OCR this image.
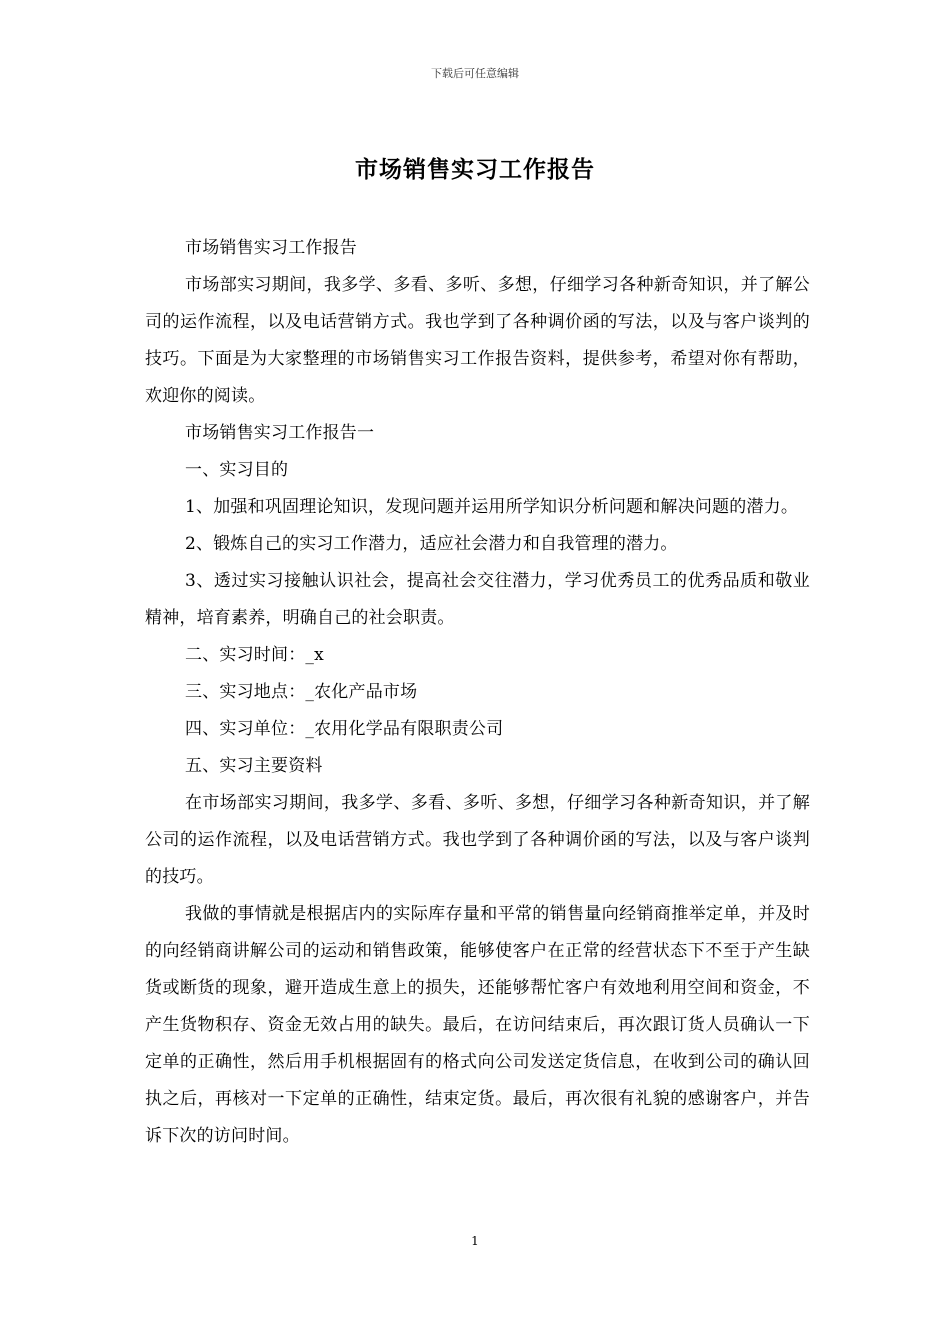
下载后可任意编辑
市场销售实习工作报告

市场销售实习工作报告

市场部实习期间，我多学、多看、多听、多想，仔细学习各种新奇知识，并了解公司的运作流程，以及电话营销方式。我也学到了各种调价函的写法，以及与客户谈判的技巧。下面是为大家整理的市场销售实习工作报告资料，提供参考，希望对你有帮助，欢迎你的阅读。

市场销售实习工作报告一

一、实习目的

1、加强和巩固理论知识，发现问题并运用所学知识分析问题和解决问题的潜力。

2、锻炼自己的实习工作潜力，适应社会潜力和自我管理的潜力。

3、透过实习接触认识社会，提高社会交往潜力，学习优秀员工的优秀品质和敬业精神，培育素养，明确自己的社会职责。

二、实习时间：_x

三、实习地点：_农化产品市场

四、实习单位：_农用化学品有限职责公司

五、实习主要资料

在市场部实习期间，我多学、多看、多听、多想，仔细学习各种新奇知识，并了解公司的运作流程，以及电话营销方式。我也学到了各种调价函的写法，以及与客户谈判的技巧。

我做的事情就是根据店内的实际库存量和平常的销售量向经销商推举定单，并及时的向经销商讲解公司的运动和销售政策，能够使客户在正常的经营状态下不至于产生缺货或断货的现象，避开造成生意上的损失，还能够帮忙客户有效地利用空间和资金，不产生货物积存、资金无效占用的缺失。最后，在访问结束后，再次跟订货人员确认一下定单的正确性，然后用手机根据固有的格式向公司发送定货信息，在收到公司的确认回执之后，再核对一下定单的正确性，结束定货。最后，再次很有礼貌的感谢客户，并告诉下次的访问时间。

1
